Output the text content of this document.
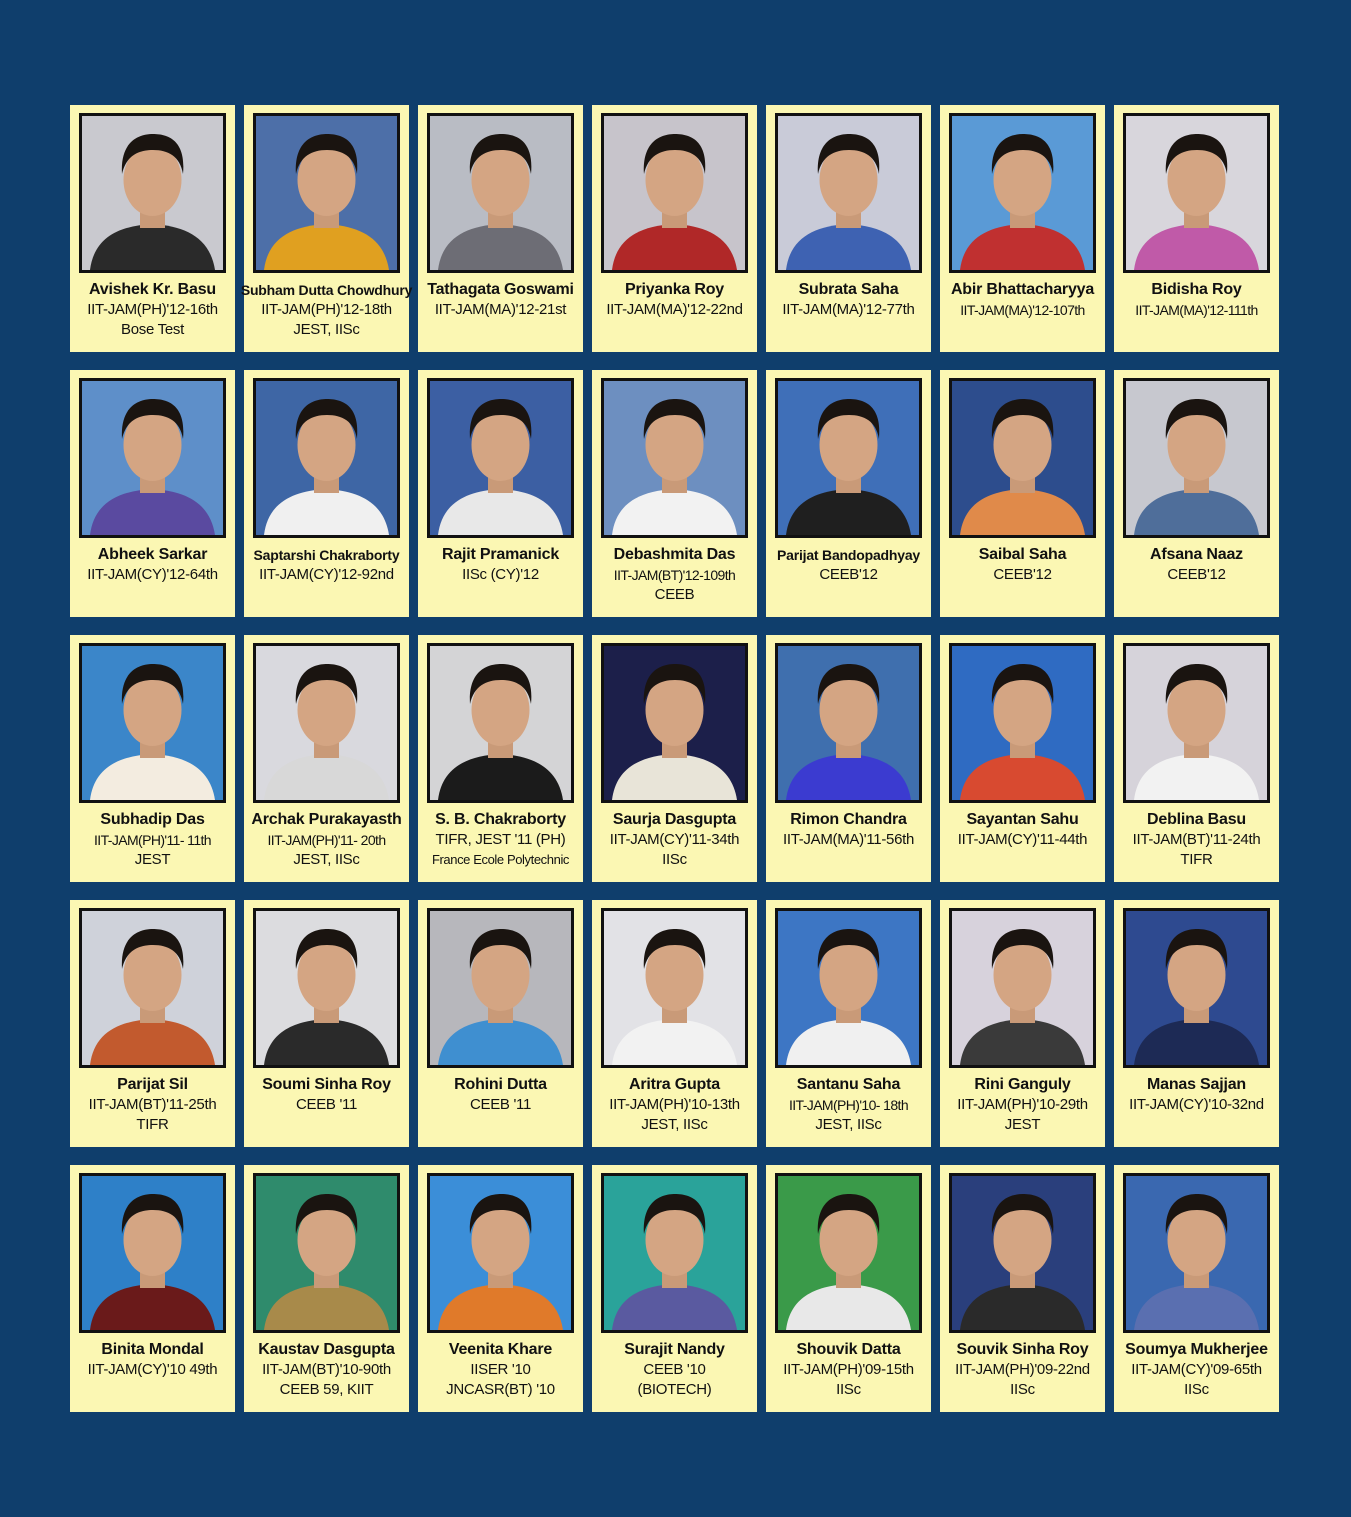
Avishek Kr. Basu
IIT-JAM(PH)'12-16th
Bose Test
Subham Dutta Chowdhury
IIT-JAM(PH)'12-18th
JEST, IISc
Tathagata Goswami
IIT-JAM(MA)'12-21st
Priyanka Roy
IIT-JAM(MA)'12-22nd
Subrata Saha
IIT-JAM(MA)'12-77th
Abir Bhattacharyya
IIT-JAM(MA)'12-107th
Bidisha Roy
IIT-JAM(MA)'12-111th
Abheek Sarkar
IIT-JAM(CY)'12-64th
Saptarshi Chakraborty
IIT-JAM(CY)'12-92nd
Rajit Pramanick
IISc (CY)'12
Debashmita Das
IIT-JAM(BT)'12-109th
CEEB
Parijat Bandopadhyay
CEEB'12
Saibal Saha
CEEB'12
Afsana Naaz
CEEB'12
Subhadip Das
IIT-JAM(PH)'11- 11th
JEST
Archak Purakayasth
IIT-JAM(PH)'11- 20th
JEST, IISc
S. B. Chakraborty
TIFR, JEST '11 (PH)
France Ecole Polytechnic
Saurja Dasgupta
IIT-JAM(CY)'11-34th
IISc
Rimon Chandra
IIT-JAM(MA)'11-56th
Sayantan Sahu
IIT-JAM(CY)'11-44th
Deblina Basu
IIT-JAM(BT)'11-24th
TIFR
Parijat Sil
IIT-JAM(BT)'11-25th
TIFR
Soumi Sinha Roy
CEEB '11
Rohini Dutta
CEEB '11
Aritra Gupta
IIT-JAM(PH)'10-13th
JEST, IISc
Santanu Saha
IIT-JAM(PH)'10- 18th
JEST, IISc
Rini Ganguly
IIT-JAM(PH)'10-29th
JEST
Manas Sajjan
IIT-JAM(CY)'10-32nd
Binita Mondal
IIT-JAM(CY)'10 49th
Kaustav Dasgupta
IIT-JAM(BT)'10-90th
CEEB 59, KIIT
Veenita Khare
IISER '10
JNCASR(BT) '10
Surajit Nandy
CEEB '10
(BIOTECH)
Shouvik Datta
IIT-JAM(PH)'09-15th
IISc
Souvik Sinha Roy
IIT-JAM(PH)'09-22nd
IISc
Soumya Mukherjee
IIT-JAM(CY)'09-65th
IISc
